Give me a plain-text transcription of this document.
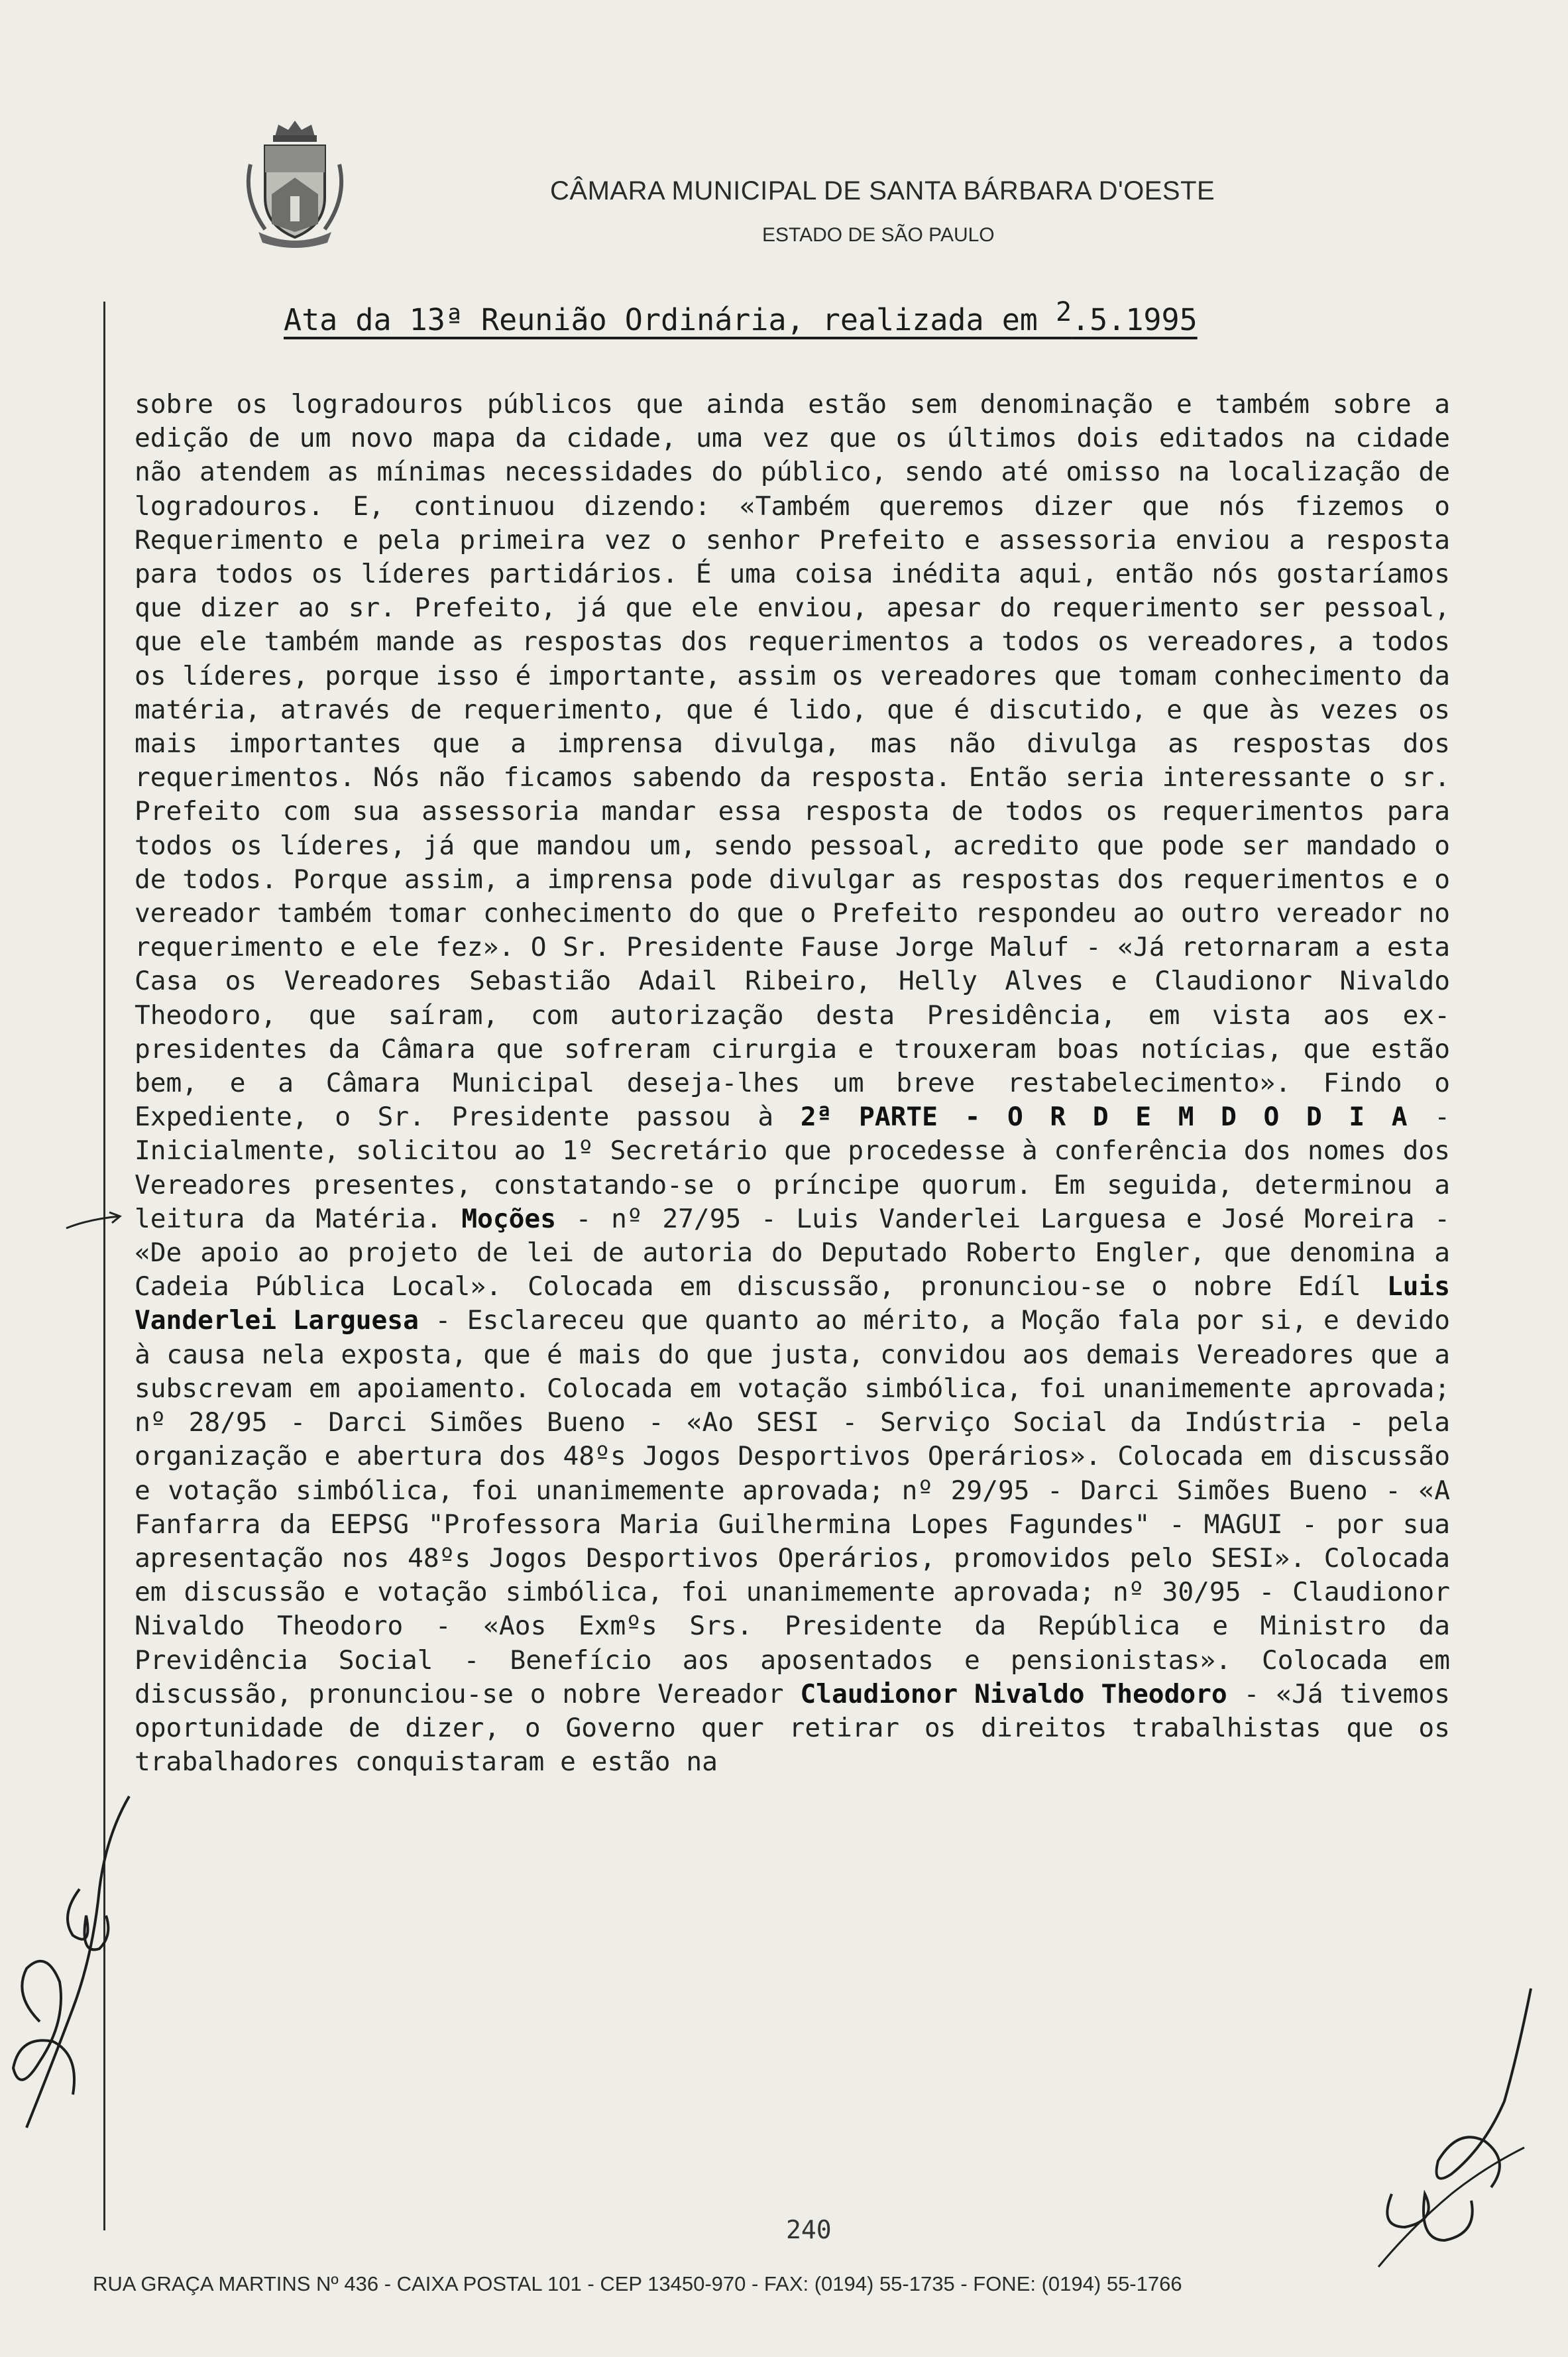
CÂMARA MUNICIPAL DE SANTA BÁRBARA D'OESTE
ESTADO DE SÃO PAULO
Ata da 13ª Reunião Ordinária, realizada em $^2$.5.1995
sobre os logradouros públicos que ainda estão sem denominação e também sobre a edição de um novo mapa da cidade, uma vez que os últimos dois editados na cidade não atendem as mínimas necessidades do público, sendo até omisso na localização de logradouros. E, continuou dizendo: «Também queremos dizer que nós fizemos o Requerimento e pela primeira vez o senhor Prefeito e assessoria enviou a resposta para todos os líderes partidários. É uma coisa inédita aqui, então nós gostaríamos que dizer ao sr. Prefeito, já que ele enviou, apesar do requerimento ser pessoal, que ele também mande as respostas dos requerimentos a todos os vereadores, a todos os líderes, porque isso é importante, assim os vereadores que tomam conhecimento da matéria, através de requerimento, que é lido, que é discutido, e que às vezes os mais importantes que a imprensa divulga, mas não divulga as respostas dos requerimentos. Nós não ficamos sabendo da resposta. Então seria interessante o sr. Prefeito com sua assessoria mandar essa resposta de todos os requerimentos para todos os líderes, já que mandou um, sendo pessoal, acredito que pode ser mandado o de todos. Porque assim, a imprensa pode divulgar as respostas dos requerimentos e o vereador também tomar conhecimento do que o Prefeito respondeu ao outro vereador no requerimento e ele fez». O Sr. Presidente Fause Jorge Maluf - «Já retornaram a esta Casa os Vereadores Sebastião Adail Ribeiro, Helly Alves e Claudionor Nivaldo Theodoro, que saíram, com autorização desta Presidência, em vista aos ex-presidentes da Câmara que sofreram cirurgia e trouxeram boas notícias, que estão bem, e a Câmara Municipal deseja-lhes um breve restabelecimento». Findo o Expediente, o Sr. Presidente passou à 2ª PARTE - O R D E M D O D I A - Inicialmente, solicitou ao 1º Secretário que procedesse à conferência dos nomes dos Vereadores presentes, constatando-se o príncipe quorum. Em seguida, determinou a leitura da Matéria. Moções - nº 27/95 - Luis Vanderlei Larguesa e José Moreira - «De apoio ao projeto de lei de autoria do Deputado Roberto Engler, que denomina a Cadeia Pública Local». Colocada em discussão, pronunciou-se o nobre Edíl Luis Vanderlei Larguesa - Esclareceu que quanto ao mérito, a Moção fala por si, e devido à causa nela exposta, que é mais do que justa, convidou aos demais Vereadores que a subscrevam em apoiamento. Colocada em votação simbólica, foi unanimemente aprovada; nº 28/95 - Darci Simões Bueno - «Ao SESI - Serviço Social da Indústria - pela organização e abertura dos 48ºs Jogos Desportivos Operários». Colocada em discussão e votação simbólica, foi unanimemente aprovada; nº 29/95 - Darci Simões Bueno - «A Fanfarra da EEPSG "Professora Maria Guilhermina Lopes Fagundes" - MAGUI - por sua apresentação nos 48ºs Jogos Desportivos Operários, promovidos pelo SESI». Colocada em discussão e votação simbólica, foi unanimemente aprovada; nº 30/95 - Claudionor Nivaldo Theodoro - «Aos Exmºs Srs. Presidente da República e Ministro da Previdência Social - Benefício aos aposentados e pensionistas». Colocada em discussão, pronunciou-se o nobre Vereador Claudionor Nivaldo Theodoro - «Já tivemos oportunidade de dizer, o Governo quer retirar os direitos trabalhistas que os trabalhadores conquistaram e estão na
240
RUA GRAÇA MARTINS Nº 436 - CAIXA POSTAL 101 - CEP 13450-970 - FAX: (0194) 55-1735 - FONE: (0194) 55-1766
